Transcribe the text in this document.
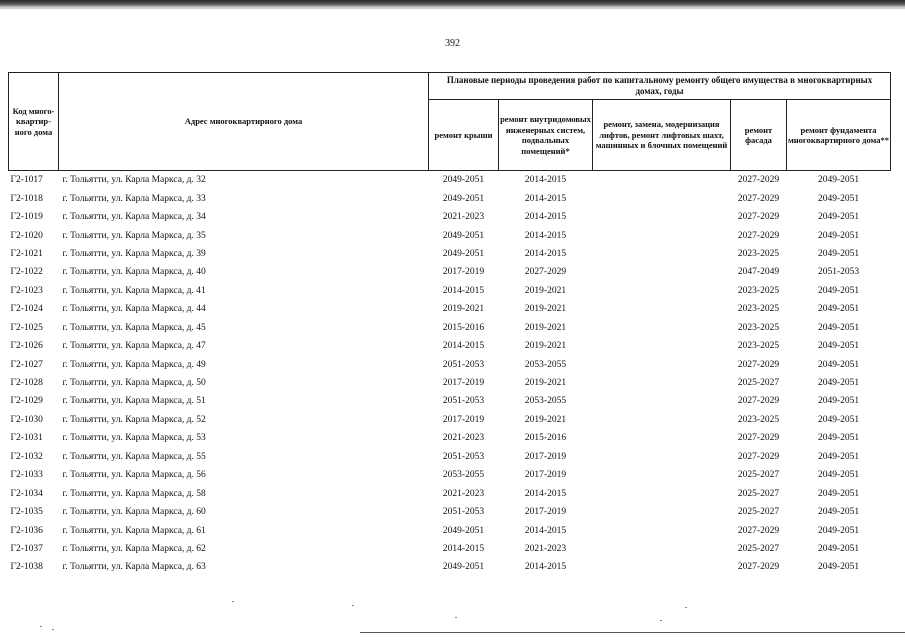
392
Код много-квартир-ного дома	Адрес многоквартирного дома	Плановые периоды проведения работ по капитальному ремонту общего имущества в многоквартирных домах, годы				
		ремонт крыши	ремонт внутридомовых инженерных систем, подвальных помещений*	ремонт, замена, модернизация лифтов, ремонт лифтовых шахт, машинных и блочных помещений	ремонт фасада	ремонт фундамента многоквартирного дома**
Г2-1017	г. Тольятти, ул. Карла Маркса, д. 32	2049-2051	2014-2015		2027-2029	2049-2051
Г2-1018	г. Тольятти, ул. Карла Маркса, д. 33	2049-2051	2014-2015		2027-2029	2049-2051
Г2-1019	г. Тольятти, ул. Карла Маркса, д. 34	2021-2023	2014-2015		2027-2029	2049-2051
Г2-1020	г. Тольятти, ул. Карла Маркса, д. 35	2049-2051	2014-2015		2027-2029	2049-2051
Г2-1021	г. Тольятти, ул. Карла Маркса, д. 39	2049-2051	2014-2015		2023-2025	2049-2051
Г2-1022	г. Тольятти, ул. Карла Маркса, д. 40	2017-2019	2027-2029		2047-2049	2051-2053
Г2-1023	г. Тольятти, ул. Карла Маркса, д. 41	2014-2015	2019-2021		2023-2025	2049-2051
Г2-1024	г. Тольятти, ул. Карла Маркса, д. 44	2019-2021	2019-2021		2023-2025	2049-2051
Г2-1025	г. Тольятти, ул. Карла Маркса, д. 45	2015-2016	2019-2021		2023-2025	2049-2051
Г2-1026	г. Тольятти, ул. Карла Маркса, д. 47	2014-2015	2019-2021		2023-2025	2049-2051
Г2-1027	г. Тольятти, ул. Карла Маркса, д. 49	2051-2053	2053-2055		2027-2029	2049-2051
Г2-1028	г. Тольятти, ул. Карла Маркса, д. 50	2017-2019	2019-2021		2025-2027	2049-2051
Г2-1029	г. Тольятти, ул. Карла Маркса, д. 51	2051-2053	2053-2055		2027-2029	2049-2051
Г2-1030	г. Тольятти, ул. Карла Маркса, д. 52	2017-2019	2019-2021		2023-2025	2049-2051
Г2-1031	г. Тольятти, ул. Карла Маркса, д. 53	2021-2023	2015-2016		2027-2029	2049-2051
Г2-1032	г. Тольятти, ул. Карла Маркса, д. 55	2051-2053	2017-2019		2027-2029	2049-2051
Г2-1033	г. Тольятти, ул. Карла Маркса, д. 56	2053-2055	2017-2019		2025-2027	2049-2051
Г2-1034	г. Тольятти, ул. Карла Маркса, д. 58	2021-2023	2014-2015		2025-2027	2049-2051
Г2-1035	г. Тольятти, ул. Карла Маркса, д. 60	2051-2053	2017-2019		2025-2027	2049-2051
Г2-1036	г. Тольятти, ул. Карла Маркса, д. 61	2049-2051	2014-2015		2027-2029	2049-2051
Г2-1037	г. Тольятти, ул. Карла Маркса, д. 62	2014-2015	2021-2023		2025-2027	2049-2051
Г2-1038	г. Тольятти, ул. Карла Маркса, д. 63	2049-2051	2014-2015		2027-2029	2049-2051
